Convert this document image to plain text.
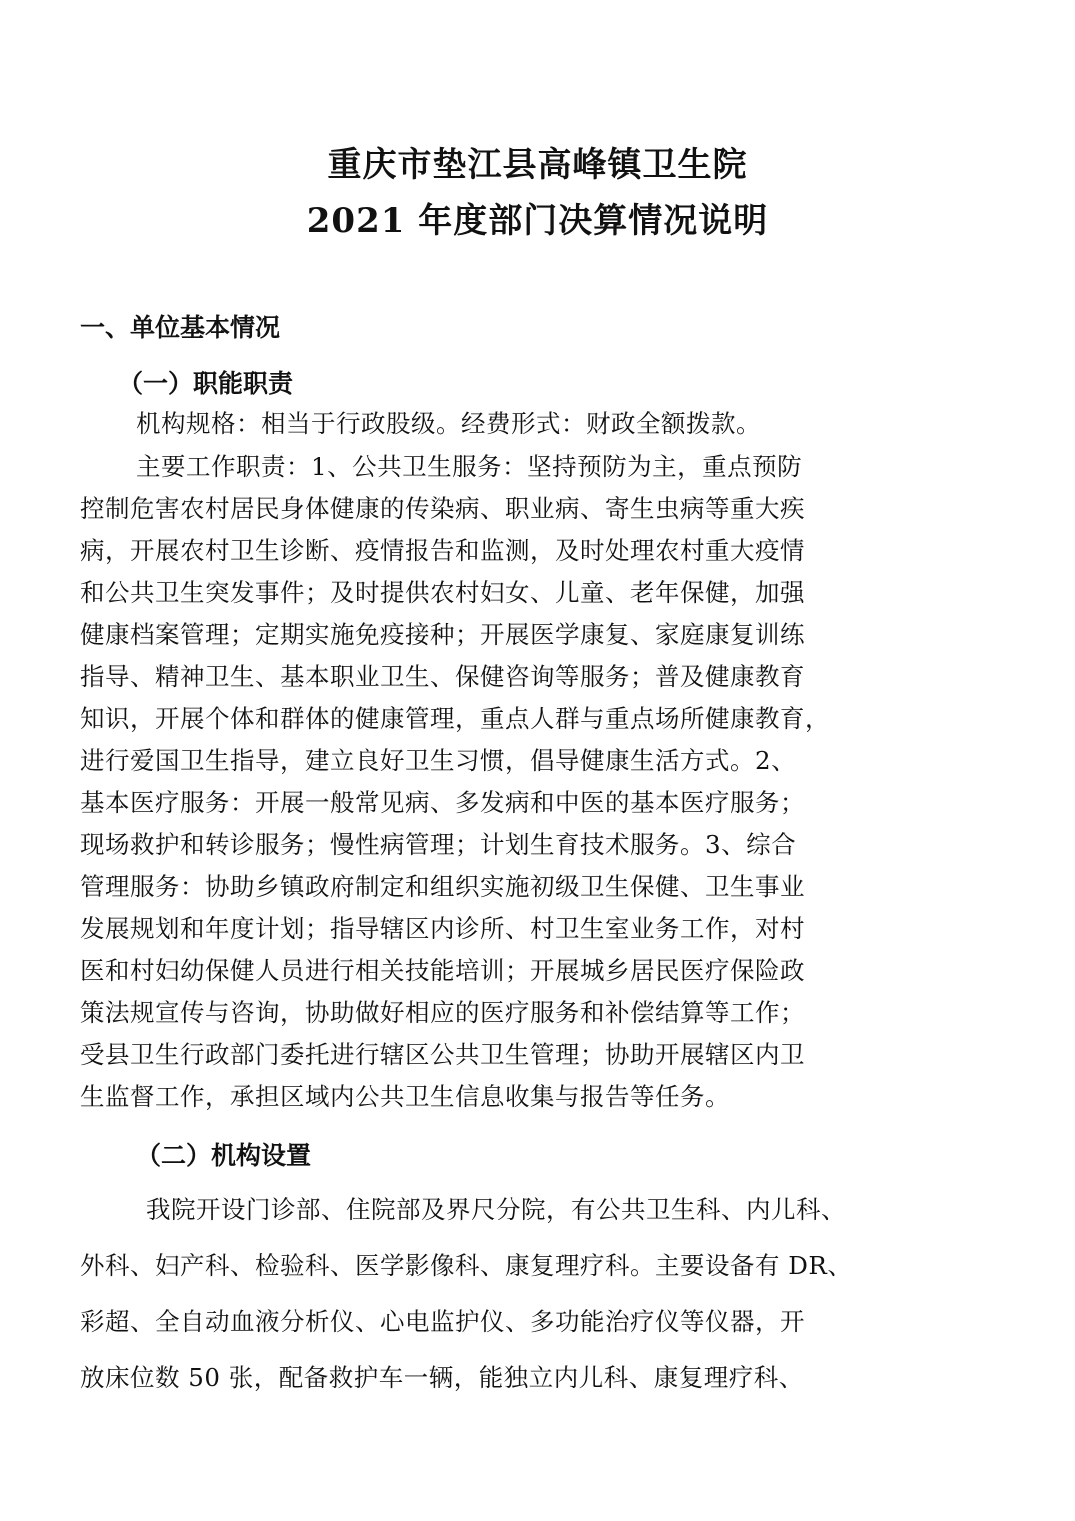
重庆市垫江县高峰镇卫生院
2021 年度部门决算情况说明
一、单位基本情况
（一）职能职责

机构规格：相当于行政股级。经费形式：财政全额拨款。

主要工作职责：1、公共卫生服务：坚持预防为主，重点预防

控制危害农村居民身体健康的传染病、职业病、寄生虫病等重大疾

病，开展农村卫生诊断、疫情报告和监测，及时处理农村重大疫情

和公共卫生突发事件；及时提供农村妇女、儿童、老年保健，加强

健康档案管理；定期实施免疫接种；开展医学康复、家庭康复训练

指导、精神卫生、基本职业卫生、保健咨询等服务；普及健康教育

知识，开展个体和群体的健康管理，重点人群与重点场所健康教育，

进行爱国卫生指导，建立良好卫生习惯，倡导健康生活方式。2、

基本医疗服务：开展一般常见病、多发病和中医的基本医疗服务；

现场救护和转诊服务；慢性病管理；计划生育技术服务。3、综合

管理服务：协助乡镇政府制定和组织实施初级卫生保健、卫生事业

发展规划和年度计划；指导辖区内诊所、村卫生室业务工作，对村

医和村妇幼保健人员进行相关技能培训；开展城乡居民医疗保险政

策法规宣传与咨询，协助做好相应的医疗服务和补偿结算等工作；

受县卫生行政部门委托进行辖区公共卫生管理；协助开展辖区内卫

生监督工作，承担区域内公共卫生信息收集与报告等任务。

（二）机构设置

我院开设门诊部、住院部及界尺分院，有公共卫生科、内儿科、

外科、妇产科、检验科、医学影像科、康复理疗科。主要设备有 DR、

彩超、全自动血液分析仪、心电监护仪、多功能治疗仪等仪器，开

放床位数 50 张，配备救护车一辆，能独立内儿科、康复理疗科、
